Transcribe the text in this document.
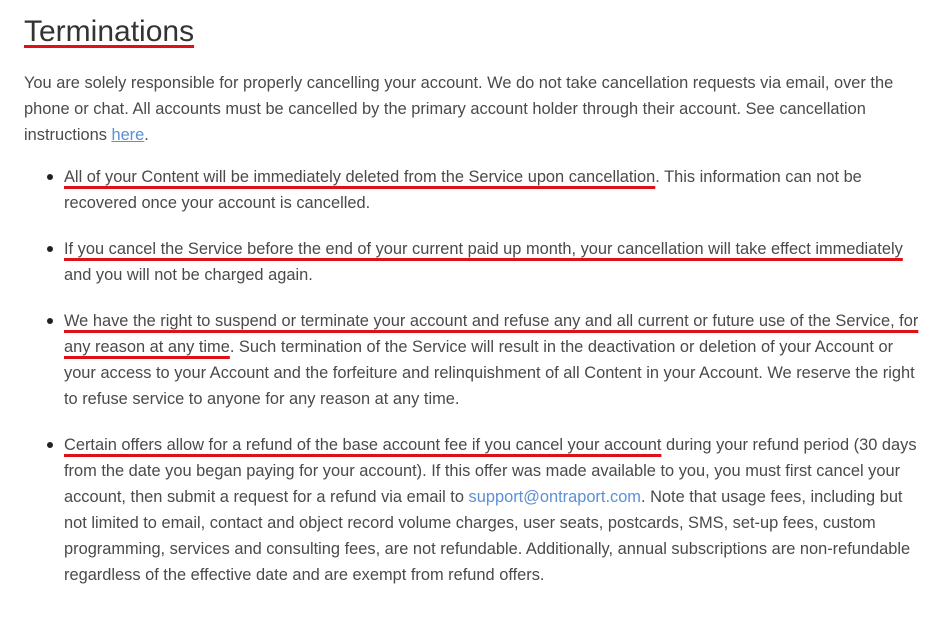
Terminations

You are solely responsible for properly cancelling your account. We do not take cancellation requests via email, over the phone or chat. All accounts must be cancelled by the primary account holder through their account. See cancellation instructions here.

All of your Content will be immediately deleted from the Service upon cancellation. This information can not be recovered once your account is cancelled.
If you cancel the Service before the end of your current paid up month, your cancellation will take effect immediately and you will not be charged again.
We have the right to suspend or terminate your account and refuse any and all current or future use of the Service, for any reason at any time. Such termination of the Service will result in the deactivation or deletion of your Account or your access to your Account and the forfeiture and relinquishment of all Content in your Account. We reserve the right to refuse service to anyone for any reason at any time.
Certain offers allow for a refund of the base account fee if you cancel your account during your refund period (30 days from the date you began paying for your account). If this offer was made available to you, you must first cancel your account, then submit a request for a refund via email to support@ontraport.com. Note that usage fees, including but not limited to email, contact and object record volume charges, user seats, postcards, SMS, set-up fees, custom programming, services and consulting fees, are not refundable. Additionally, annual subscriptions are non-refundable regardless of the effective date and are exempt from refund offers.
